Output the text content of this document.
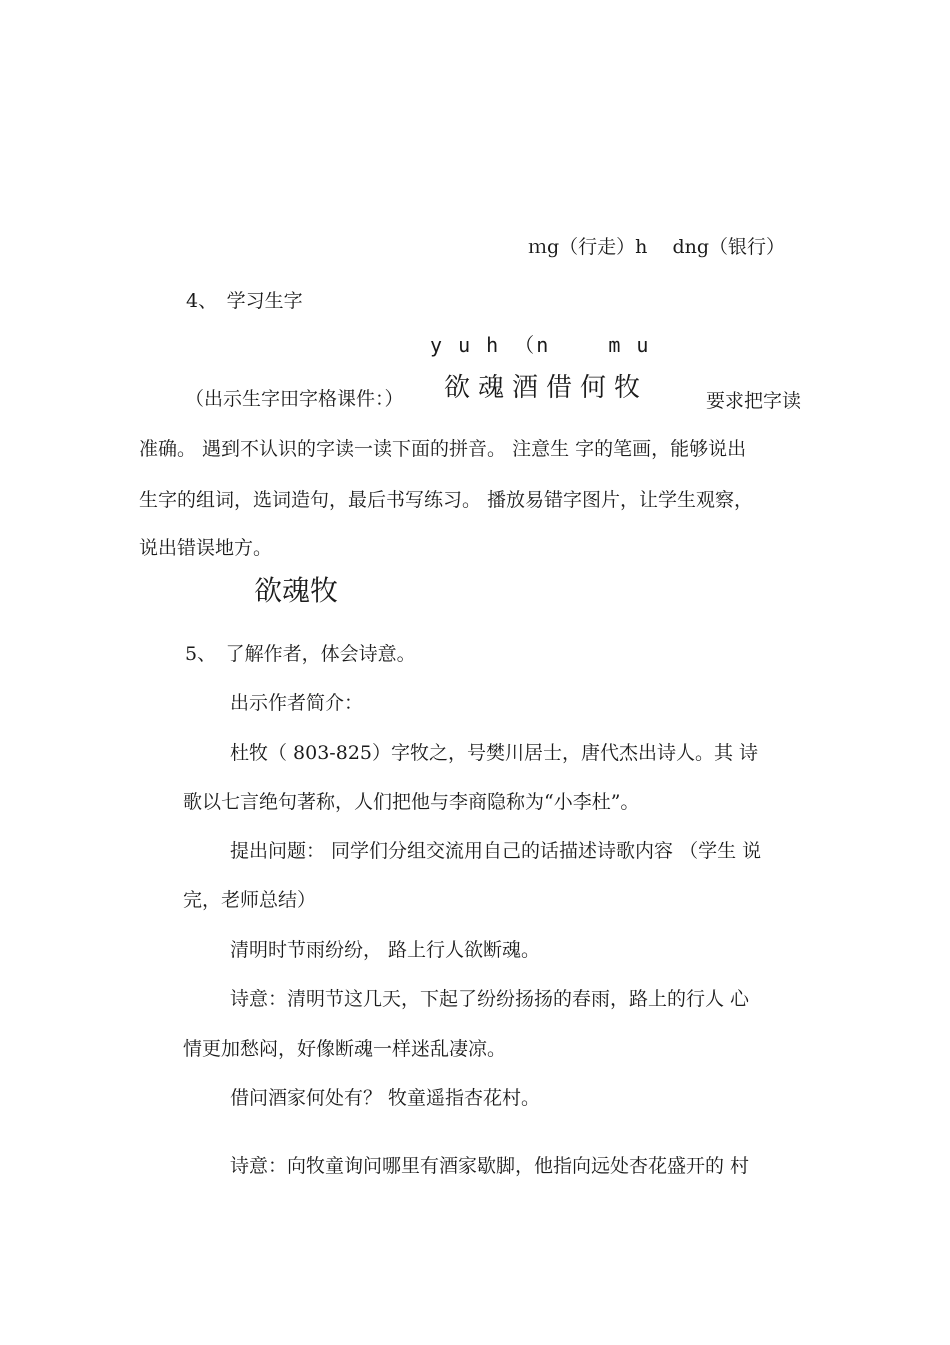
ｍg（行走）h　 dng（银行）
4、　学习生字
y u h （n　　 m u
（出示生字田字格课件：） 欲魂酒借何牧	要求把字读
准确。 遇到不认识的字读一读下面的拼音。 注意生 字的笔画，能够说出
生字的组词，选词造句，最后书写练习。 播放易错字图片，让学生观察，
说出错误地方。
欲魂牧
5、　了解作者，体会诗意。
出示作者简介：
杜牧（ 803-825）字牧之，号樊川居士，唐代杰出诗人。其 诗
歌以七言绝句著称，人们把他与李商隐称为“小李杜”。
提出问题： 同学们分组交流用自己的话描述诗歌内容 （学生 说
完，老师总结）
清明时节雨纷纷， 路上行人欲断魂。
诗意：清明节这几天，下起了纷纷扬扬的春雨，路上的行人 心
情更加愁闷，好像断魂一样迷乱凄凉。
借问酒家何处有？ 牧童遥指杏花村。
诗意：向牧童询问哪里有酒家歇脚，他指向远处杏花盛开的 村
